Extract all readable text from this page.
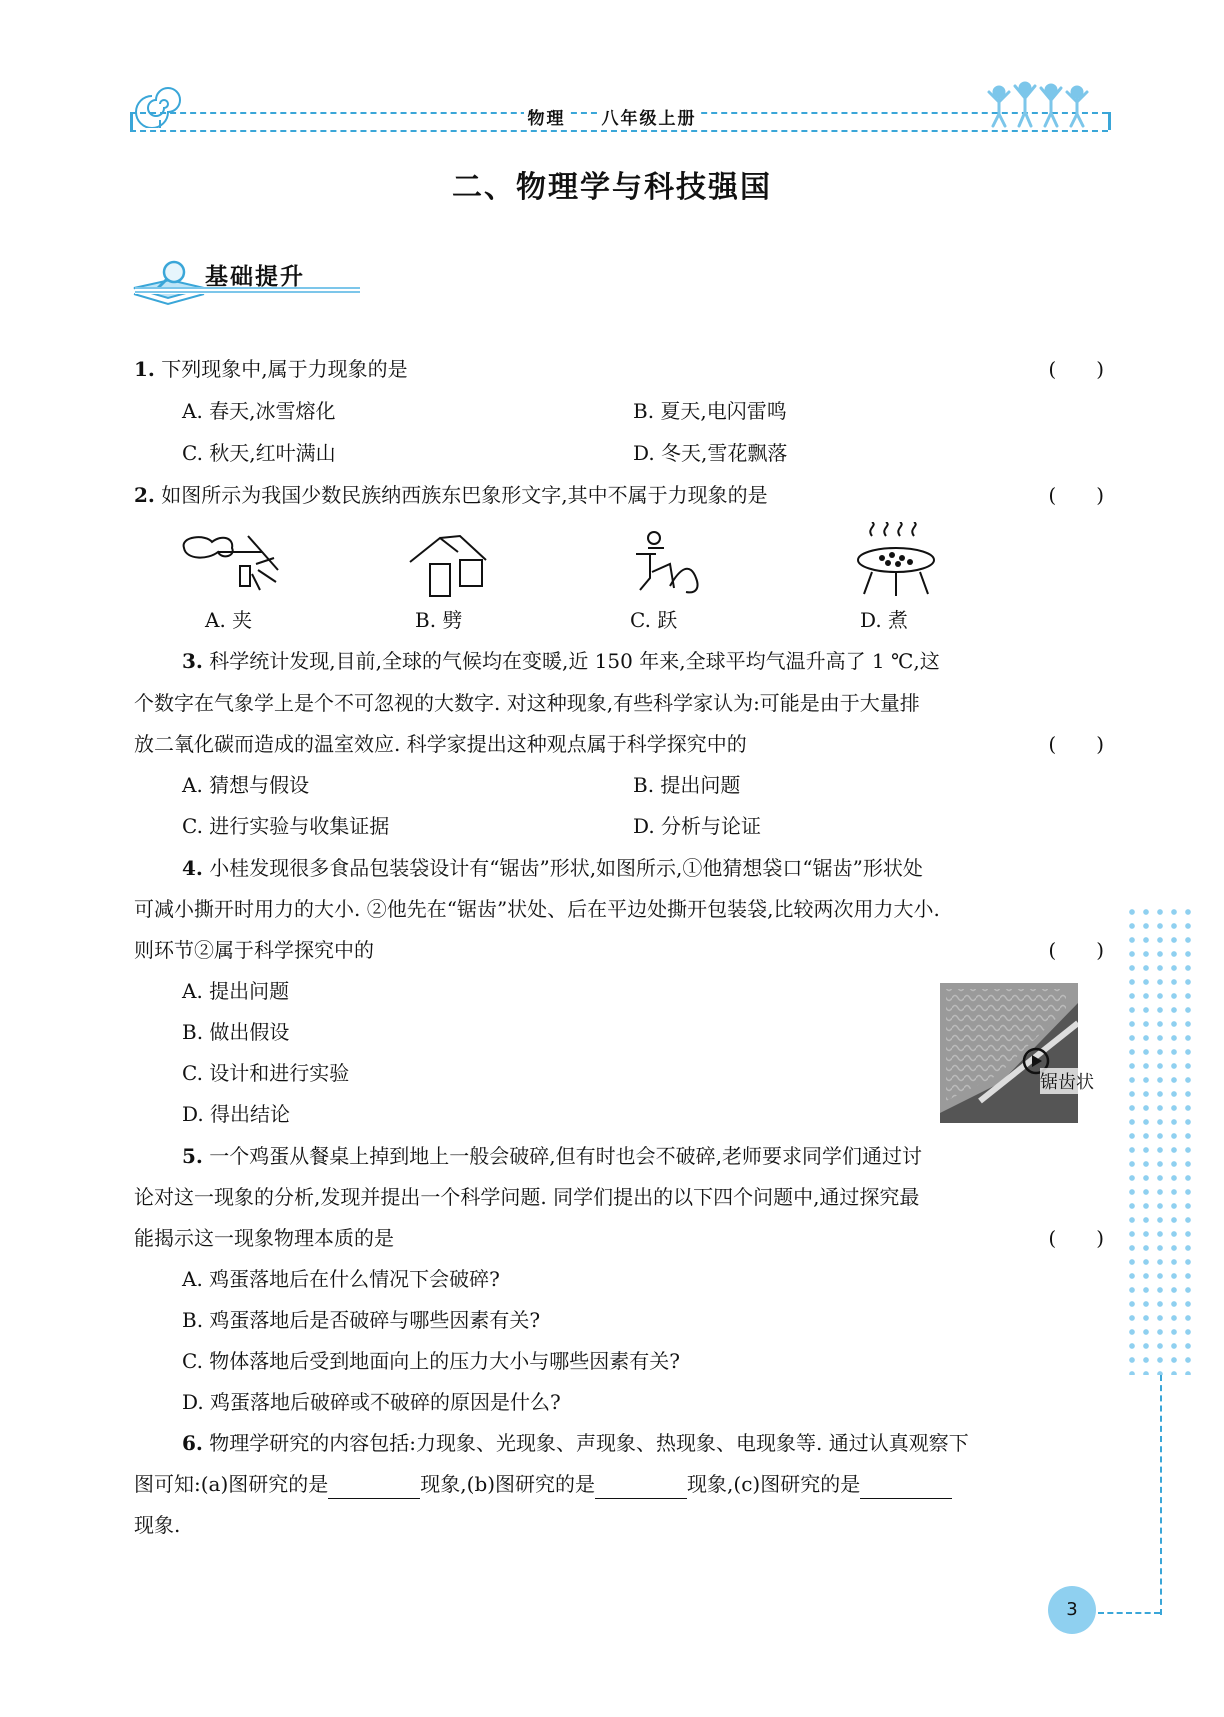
物理 八年级上册
二、物理学与科技强国
基础提升
1. 下列现象中,属于力现象的是	(　　)
A. 春天,冰雪熔化	B. 夏天,电闪雷鸣
C. 秋天,红叶满山	D. 冬天,雪花飘落
2. 如图所示为我国少数民族纳西族东巴象形文字,其中不属于力现象的是	(　　)
A. 夹	B. 劈	C. 跃	D. 煮
3. 科学统计发现,目前,全球的气候均在变暖,近 150 年来,全球平均气温升高了 1 ℃,这
个数字在气象学上是个不可忽视的大数字. 对这种现象,有些科学家认为:可能是由于大量排
放二氧化碳而造成的温室效应. 科学家提出这种观点属于科学探究中的	(　　)
A. 猜想与假设	B. 提出问题
C. 进行实验与收集证据	D. 分析与论证
4. 小桂发现很多食品包装袋设计有“锯齿”形状,如图所示,①他猜想袋口“锯齿”形状处
可减小撕开时用力的大小. ②他先在“锯齿”状处、后在平边处撕开包装袋,比较两次用力大小.
则环节②属于科学探究中的	(　　)
A. 提出问题
B. 做出假设
C. 设计和进行实验
D. 得出结论
锯齿状
5. 一个鸡蛋从餐桌上掉到地上一般会破碎,但有时也会不破碎,老师要求同学们通过讨
论对这一现象的分析,发现并提出一个科学问题. 同学们提出的以下四个问题中,通过探究最
能揭示这一现象物理本质的是	(　　)
A. 鸡蛋落地后在什么情况下会破碎?
B. 鸡蛋落地后是否破碎与哪些因素有关?
C. 物体落地后受到地面向上的压力大小与哪些因素有关?
D. 鸡蛋落地后破碎或不破碎的原因是什么?
6. 物理学研究的内容包括:力现象、光现象、声现象、热现象、电现象等. 通过认真观察下
图可知:(a)图研究的是	现象,(b)图研究的是	现象,(c)图研究的是
现象.
3
